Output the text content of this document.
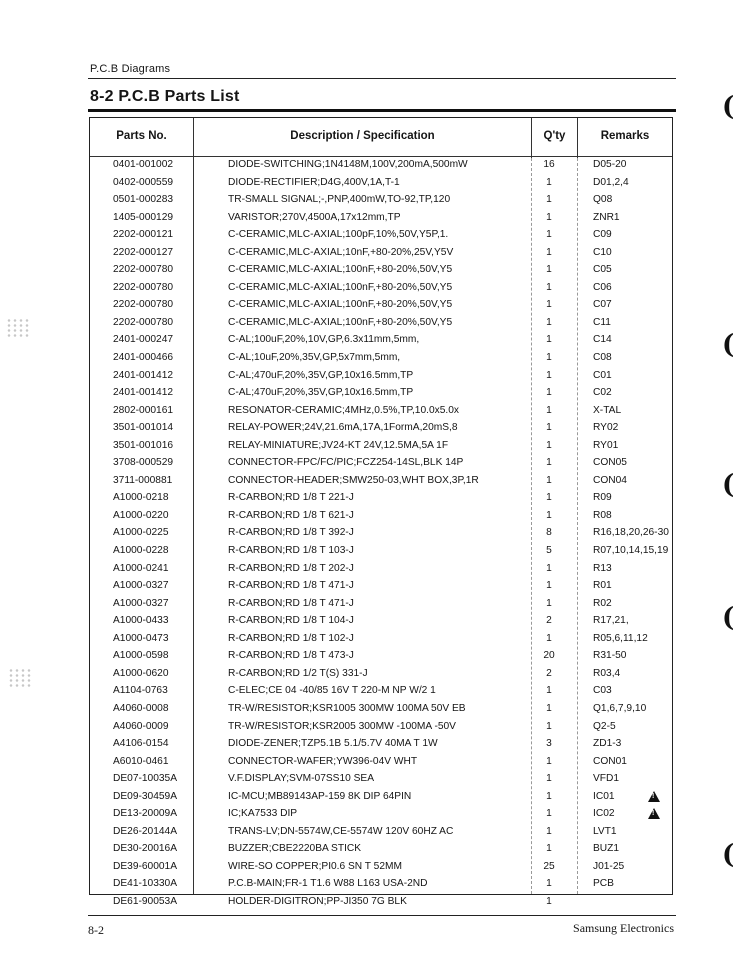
P.C.B Diagrams
8-2 P.C.B Parts List
Parts No.	Description / Specification	Q'ty	Remarks
0401-001002	DIODE-SWITCHING;1N4148M,100V,200mA,500mW	16	D05-20
0402-000559	DIODE-RECTIFIER;D4G,400V,1A,T-1	1	D01,2,4
0501-000283	TR-SMALL SIGNAL;-,PNP,400mW,TO-92,TP,120	1	Q08
1405-000129	VARISTOR;270V,4500A,17x12mm,TP	1	ZNR1
2202-000121	C-CERAMIC,MLC-AXIAL;100pF,10%,50V,Y5P,1.	1	C09
2202-000127	C-CERAMIC,MLC-AXIAL;10nF,+80-20%,25V,Y5V	1	C10
2202-000780	C-CERAMIC,MLC-AXIAL;100nF,+80-20%,50V,Y5	1	C05
2202-000780	C-CERAMIC,MLC-AXIAL;100nF,+80-20%,50V,Y5	1	C06
2202-000780	C-CERAMIC,MLC-AXIAL;100nF,+80-20%,50V,Y5	1	C07
2202-000780	C-CERAMIC,MLC-AXIAL;100nF,+80-20%,50V,Y5	1	C11
2401-000247	C-AL;100uF,20%,10V,GP,6.3x11mm,5mm,	1	C14
2401-000466	C-AL;10uF,20%,35V,GP,5x7mm,5mm,	1	C08
2401-001412	C-AL;470uF,20%,35V,GP,10x16.5mm,TP	1	C01
2401-001412	C-AL;470uF,20%,35V,GP,10x16.5mm,TP	1	C02
2802-000161	RESONATOR-CERAMIC;4MHz,0.5%,TP,10.0x5.0x	1	X-TAL
3501-001014	RELAY-POWER;24V,21.6mA,17A,1FormA,20mS,8	1	RY02
3501-001016	RELAY-MINIATURE;JV24-KT 24V,12.5MA,5A 1F	1	RY01
3708-000529	CONNECTOR-FPC/FC/PIC;FCZ254-14SL,BLK 14P	1	CON05
3711-000881	CONNECTOR-HEADER;SMW250-03,WHT BOX,3P,1R	1	CON04
A1000-0218	R-CARBON;RD 1/8 T 221-J	1	R09
A1000-0220	R-CARBON;RD 1/8 T 621-J	1	R08
A1000-0225	R-CARBON;RD 1/8 T 392-J	8	R16,18,20,26-30
A1000-0228	R-CARBON;RD 1/8 T 103-J	5	R07,10,14,15,19
A1000-0241	R-CARBON;RD 1/8 T 202-J	1	R13
A1000-0327	R-CARBON;RD 1/8 T 471-J	1	R01
A1000-0327	R-CARBON;RD 1/8 T 471-J	1	R02
A1000-0433	R-CARBON;RD 1/8 T 104-J	2	R17,21,
A1000-0473	R-CARBON;RD 1/8 T 102-J	1	R05,6,11,12
A1000-0598	R-CARBON;RD 1/8 T 473-J	20	R31-50
A1000-0620	R-CARBON;RD 1/2 T(S) 331-J	2	R03,4
A1104-0763	C-ELEC;CE 04 -40/85 16V T 220-M NP W/2 1	1	C03
A4060-0008	TR-W/RESISTOR;KSR1005 300MW 100MA 50V EB	1	Q1,6,7,9,10
A4060-0009	TR-W/RESISTOR;KSR2005 300MW -100MA -50V	1	Q2-5
A4106-0154	DIODE-ZENER;TZP5.1B 5.1/5.7V 40MA T 1W	3	ZD1-3
A6010-0461	CONNECTOR-WAFER;YW396-04V WHT	1	CON01
DE07-10035A	V.F.DISPLAY;SVM-07SS10 SEA	1	VFD1
DE09-30459A	IC-MCU;MB89143AP-159 8K DIP 64PIN	1	IC01
!
DE13-20009A	IC;KA7533 DIP	1	IC02
!
DE26-20144A	TRANS-LV;DN-5574W,CE-5574W 120V 60HZ AC	1	LVT1
DE30-20016A	BUZZER;CBE2220BA STICK	1	BUZ1
DE39-60001A	WIRE-SO COPPER;PI0.6 SN T 52MM	25	J01-25
DE41-10330A	P.C.B-MAIN;FR-1 T1.6 W88 L163 USA-2ND	1	PCB
DE61-90053A	HOLDER-DIGITRON;PP-JI350 7G BLK	1
8-2	Samsung Electronics
(
(
(
(
(
